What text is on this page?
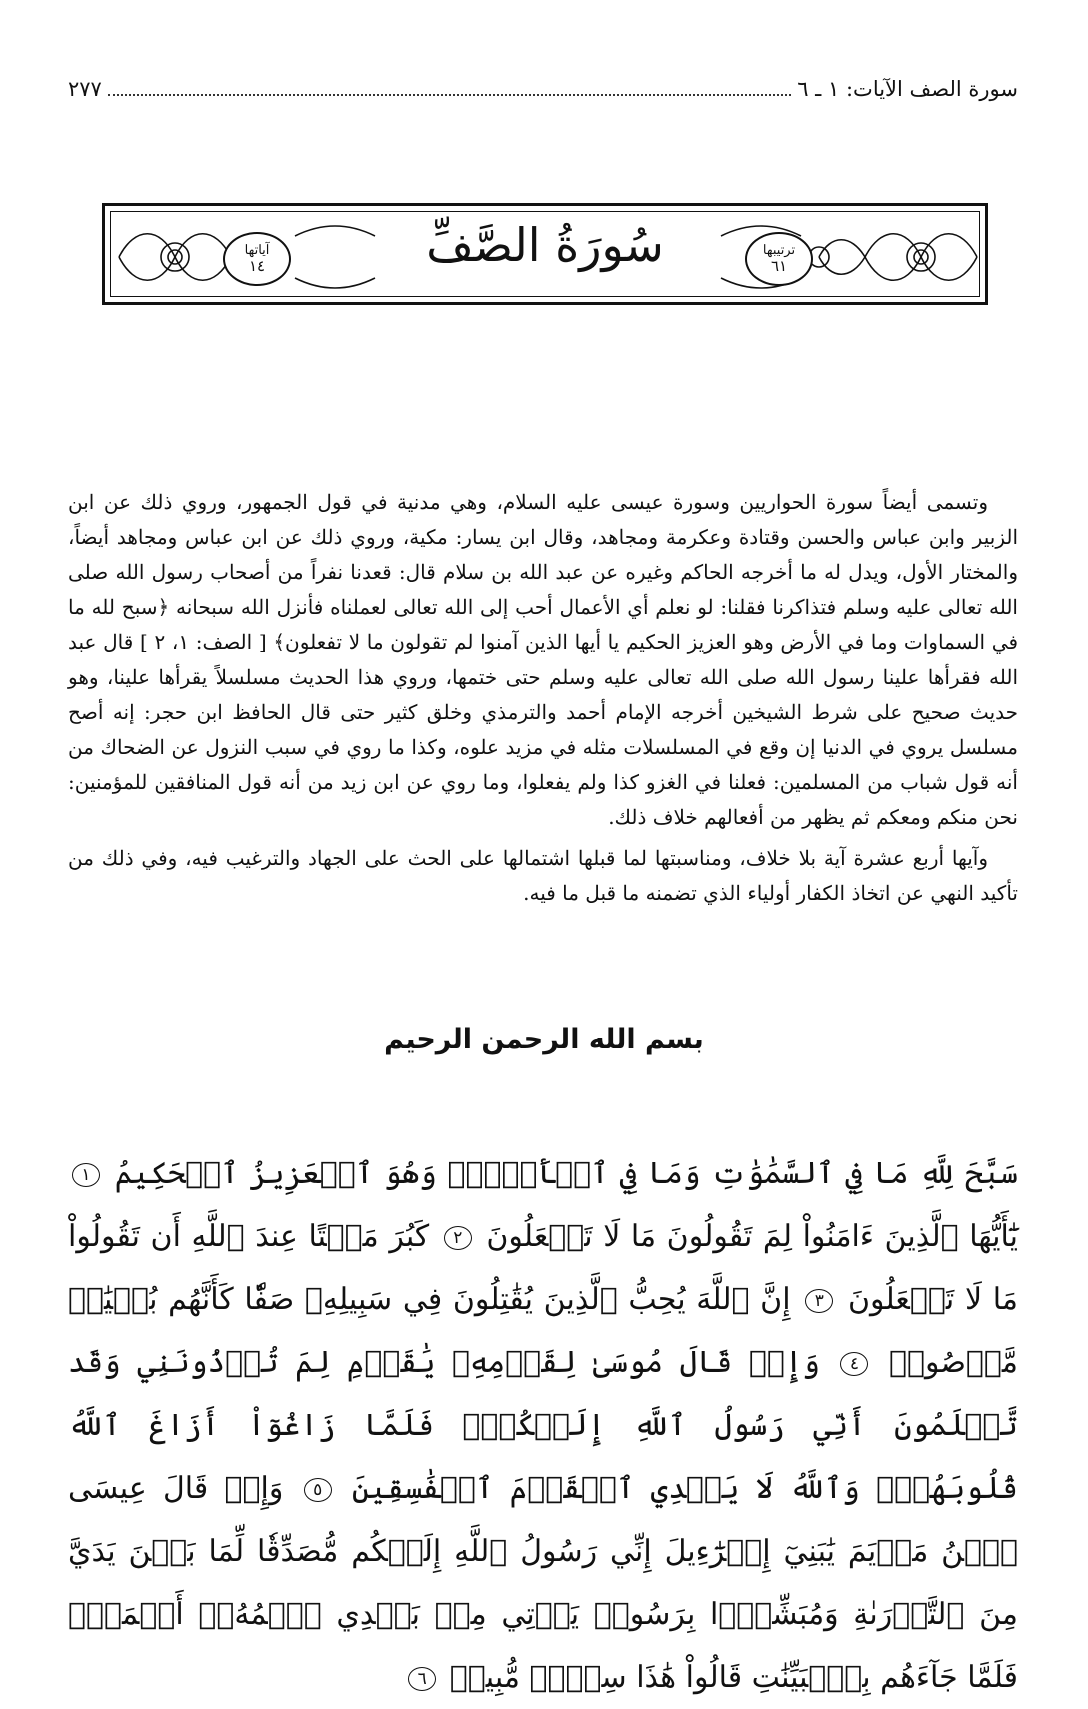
سورة الصف الآيات: ١ ـ ٦
٢٧٧
آياتها
١٤
ترتيبها
٦١
سُورَةُ الصَّفِّ

وتسمى أيضاً سورة الحواريين وسورة عيسى عليه السلام، وهي مدنية في قول الجمهور، وروي ذلك عن ابن الزبير وابن عباس والحسن وقتادة وعكرمة ومجاهد، وقال ابن يسار: مكية، وروي ذلك عن ابن عباس ومجاهد أيضاً، والمختار الأول، ويدل له ما أخرجه الحاكم وغيره عن عبد الله بن سلام قال: قعدنا نفراً من أصحاب رسول الله صلى الله تعالى عليه وسلم فتذاكرنا فقلنا: لو نعلم أي الأعمال أحب إلى الله تعالى لعملناه فأنزل الله سبحانه ﴿سبح لله ما في السماوات وما في الأرض وهو العزيز الحكيم يا أيها الذين آمنوا لم تقولون ما لا تفعلون﴾ [ الصف: ١، ٢ ] قال عبد الله فقرأها علينا رسول الله صلى الله تعالى عليه وسلم حتى ختمها، وروي هذا الحديث مسلسلاً يقرأها علينا، وهو حديث صحيح على شرط الشيخين أخرجه الإمام أحمد والترمذي وخلق كثير حتى قال الحافظ ابن حجر: إنه أصح مسلسل يروي في الدنيا إن وقع في المسلسلات مثله في مزيد علوه، وكذا ما روي في سبب النزول عن الضحاك من أنه قول شباب من المسلمين: فعلنا في الغزو كذا ولم يفعلوا، وما روي عن ابن زيد من أنه قول المنافقين للمؤمنين: نحن منكم ومعكم ثم يظهر من أفعالهم خلاف ذلك.

وآيها أربع عشرة آية بلا خلاف، ومناسبتها لما قبلها اشتمالها على الحث على الجهاد والترغيب فيه، وفي ذلك من تأكيد النهي عن اتخاذ الكفار أولياء الذي تضمنه ما قبل ما فيه.

بسم الله الرحمن الرحيم
سَبَّحَ لِلَّهِ مَا فِي ٱلسَّمَٰوَٰتِ وَمَا فِي ٱلۡأَرۡضِۖ وَهُوَ ٱلۡعَزِيزُ ٱلۡحَكِيمُ ١ يَٰٓأَيُّهَا ٱلَّذِينَ ءَامَنُواْ لِمَ تَقُولُونَ مَا لَا تَفۡعَلُونَ ٢ كَبُرَ مَقۡتًا عِندَ ٱللَّهِ أَن تَقُولُواْ مَا لَا تَفۡعَلُونَ ٣ إِنَّ ٱللَّهَ يُحِبُّ ٱلَّذِينَ يُقَٰتِلُونَ فِي سَبِيلِهِۦ صَفّٗا كَأَنَّهُم بُنۡيَٰنٞ مَّرۡصُوصٞ ٤ وَإِذۡ قَالَ مُوسَىٰ لِقَوۡمِهِۦ يَٰقَوۡمِ لِمَ تُؤۡذُونَنِي وَقَد تَّعۡلَمُونَ أَنِّي رَسُولُ ٱللَّهِ إِلَيۡكُمۡۖ فَلَمَّا زَاغُوٓاْ أَزَاغَ ٱللَّهُ قُلُوبَهُمۡۚ وَٱللَّهُ لَا يَهۡدِي ٱلۡقَوۡمَ ٱلۡفَٰسِقِينَ ٥ وَإِذۡ قَالَ عِيسَى ٱبۡنُ مَرۡيَمَ يَٰبَنِيٓ إِسۡرَٰٓءِيلَ إِنِّي رَسُولُ ٱللَّهِ إِلَيۡكُم مُّصَدِّقٗا لِّمَا بَيۡنَ يَدَيَّ مِنَ ٱلتَّوۡرَىٰةِ وَمُبَشِّرَۢا بِرَسُولٖ يَأۡتِي مِنۢ بَعۡدِي ٱسۡمُهُۥٓ أَحۡمَدُۖ فَلَمَّا جَآءَهُم بِٱلۡبَيِّنَٰتِ قَالُواْ هَٰذَا سِحۡرٞ مُّبِينٞ ٦
